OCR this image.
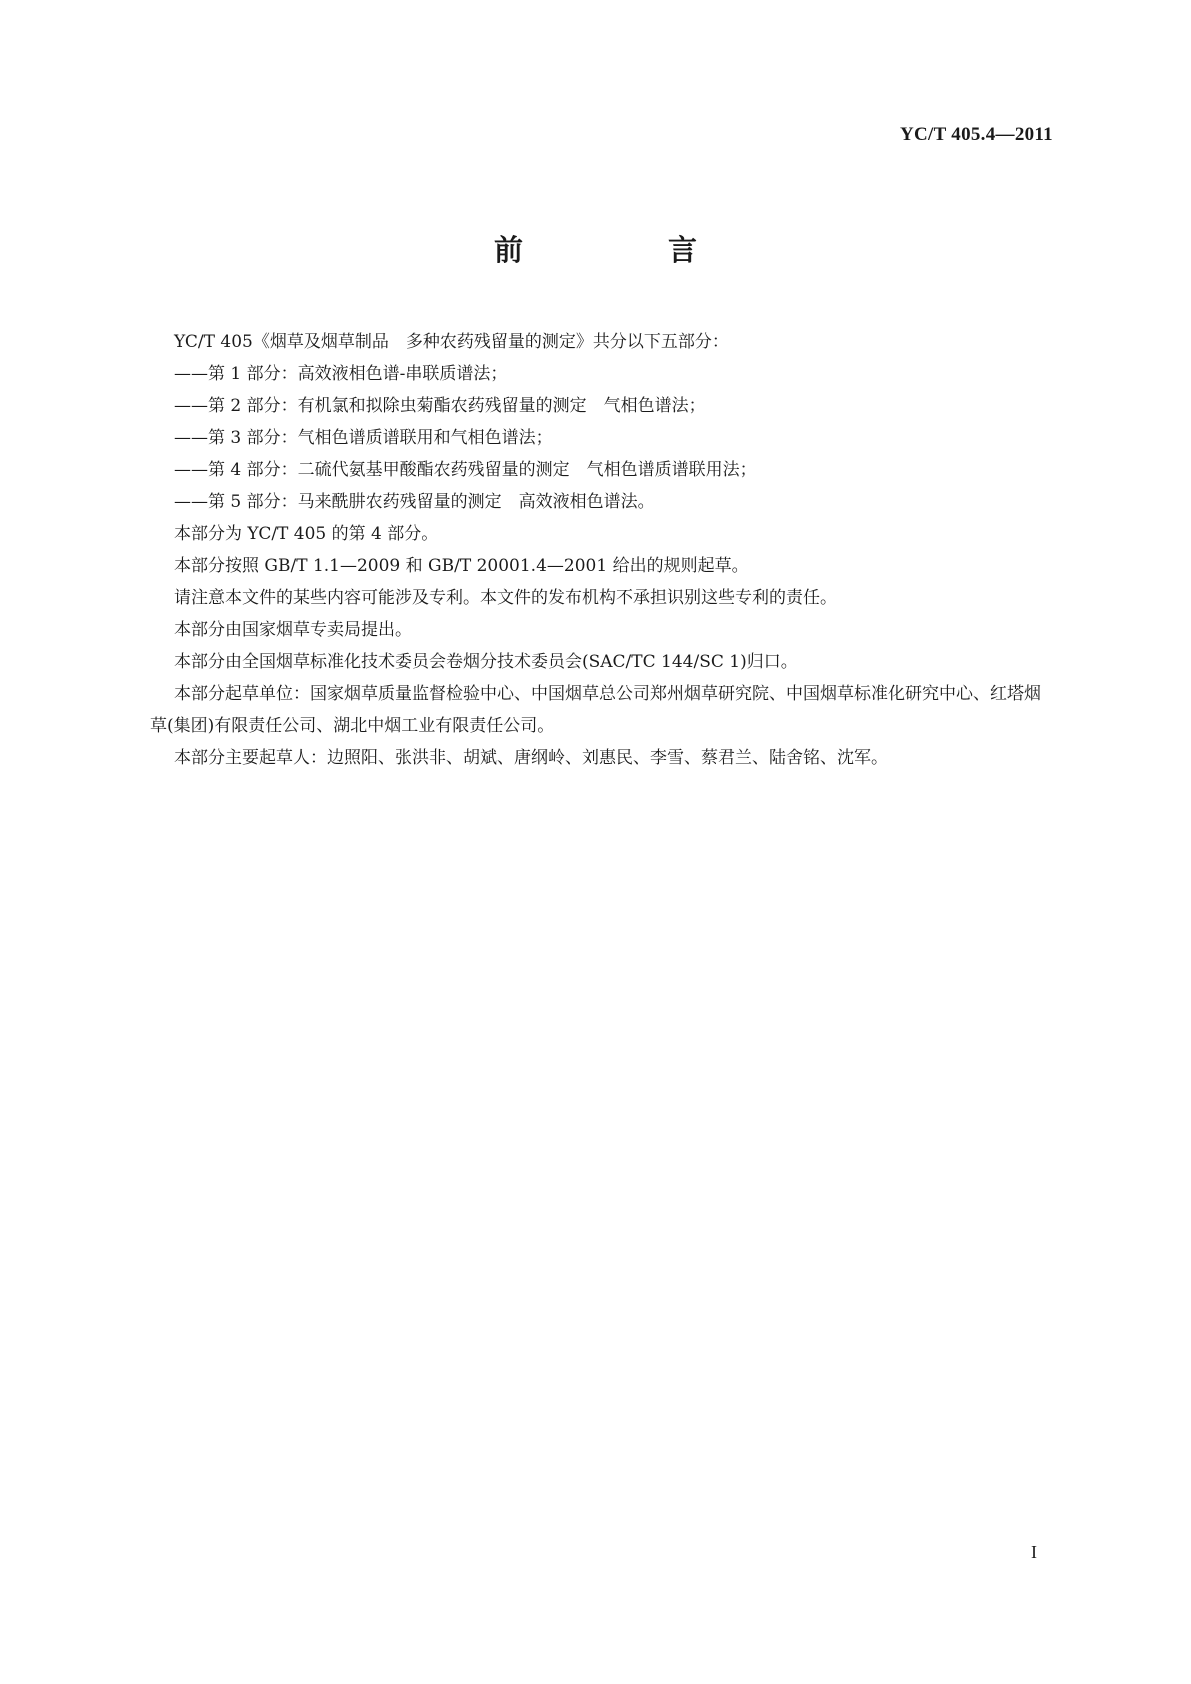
YC/T 405.4—2011
前　言

YC/T 405《烟草及烟草制品　多种农药残留量的测定》共分以下五部分：

——第 1 部分：高效液相色谱-串联质谱法；

——第 2 部分：有机氯和拟除虫菊酯农药残留量的测定　气相色谱法；

——第 3 部分：气相色谱质谱联用和气相色谱法；

——第 4 部分：二硫代氨基甲酸酯农药残留量的测定　气相色谱质谱联用法；

——第 5 部分：马来酰肼农药残留量的测定　高效液相色谱法。

本部分为 YC/T 405 的第 4 部分。

本部分按照 GB/T 1.1—2009 和 GB/T 20001.4—2001 给出的规则起草。

请注意本文件的某些内容可能涉及专利。本文件的发布机构不承担识别这些专利的责任。

本部分由国家烟草专卖局提出。

本部分由全国烟草标准化技术委员会卷烟分技术委员会(SAC/TC 144/SC 1)归口。

本部分起草单位：国家烟草质量监督检验中心、中国烟草总公司郑州烟草研究院、中国烟草标准化研究中心、红塔烟草(集团)有限责任公司、湖北中烟工业有限责任公司。

本部分主要起草人：边照阳、张洪非、胡斌、唐纲岭、刘惠民、李雪、蔡君兰、陆舍铭、沈军。

I
